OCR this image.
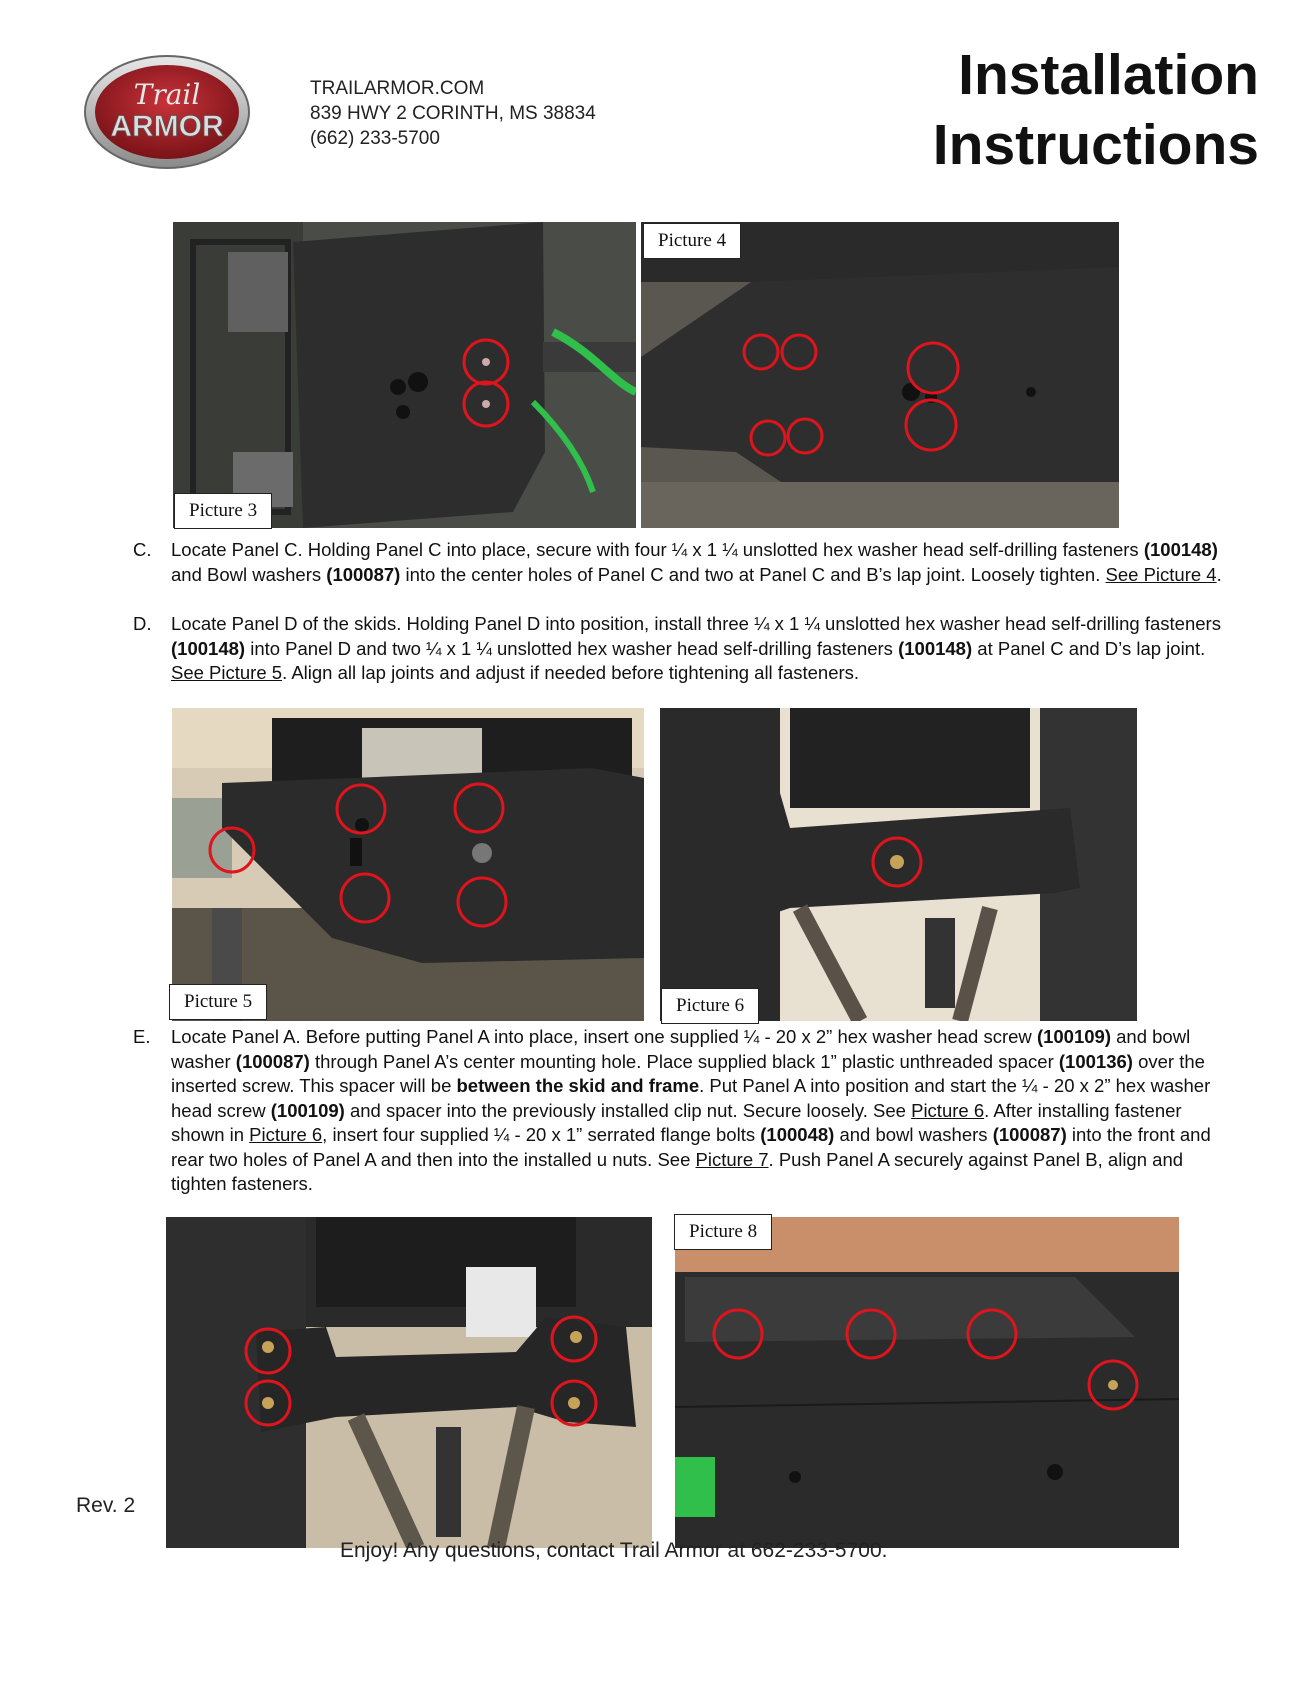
Trail
ARMOR
TRAILARMOR.COM
839 HWY 2 CORINTH, MS 38834
(662) 233-5700
Installation
Instructions
Picture 3
Picture 4
C. Locate Panel C. Holding Panel C into place, secure with four ¼ x 1 ¼ unslotted hex washer head self-drilling fasteners (100148) and Bowl washers (100087) into the center holes of Panel C and two at Panel C and B’s lap joint. Loosely tighten. See Picture 4.
D. Locate Panel D of the skids. Holding Panel D into position, install three ¼ x 1 ¼ unslotted hex washer head self-drilling fasteners (100148) into Panel D and two ¼ x 1 ¼ unslotted hex washer head self-drilling fasteners (100148) at Panel C and D’s lap joint. See Picture 5. Align all lap joints and adjust if needed before tightening all fasteners.
Picture 5	Picture 6
E. Locate Panel A. Before putting Panel A into place, insert one supplied ¼ - 20 x 2” hex washer head screw (100109) and bowl washer (100087) through Panel A’s center mounting hole. Place supplied black 1” plastic unthreaded spacer (100136) over the inserted screw. This spacer will be between the skid and frame. Put Panel A into position and start the ¼ - 20 x 2” hex washer head screw (100109) and spacer into the previously installed clip nut. Secure loosely. See Picture 6. After installing fastener shown in Picture 6, insert four supplied ¼ - 20 x 1” serrated flange bolts (100048) and bowl washers (100087) into the front and rear two holes of Panel A and then into the installed u nuts. See Picture 7. Push Panel A securely against Panel B, align and tighten fasteners.
Picture 8
Rev. 2
Enjoy! Any questions, contact Trail Armor at 662-233-5700.
